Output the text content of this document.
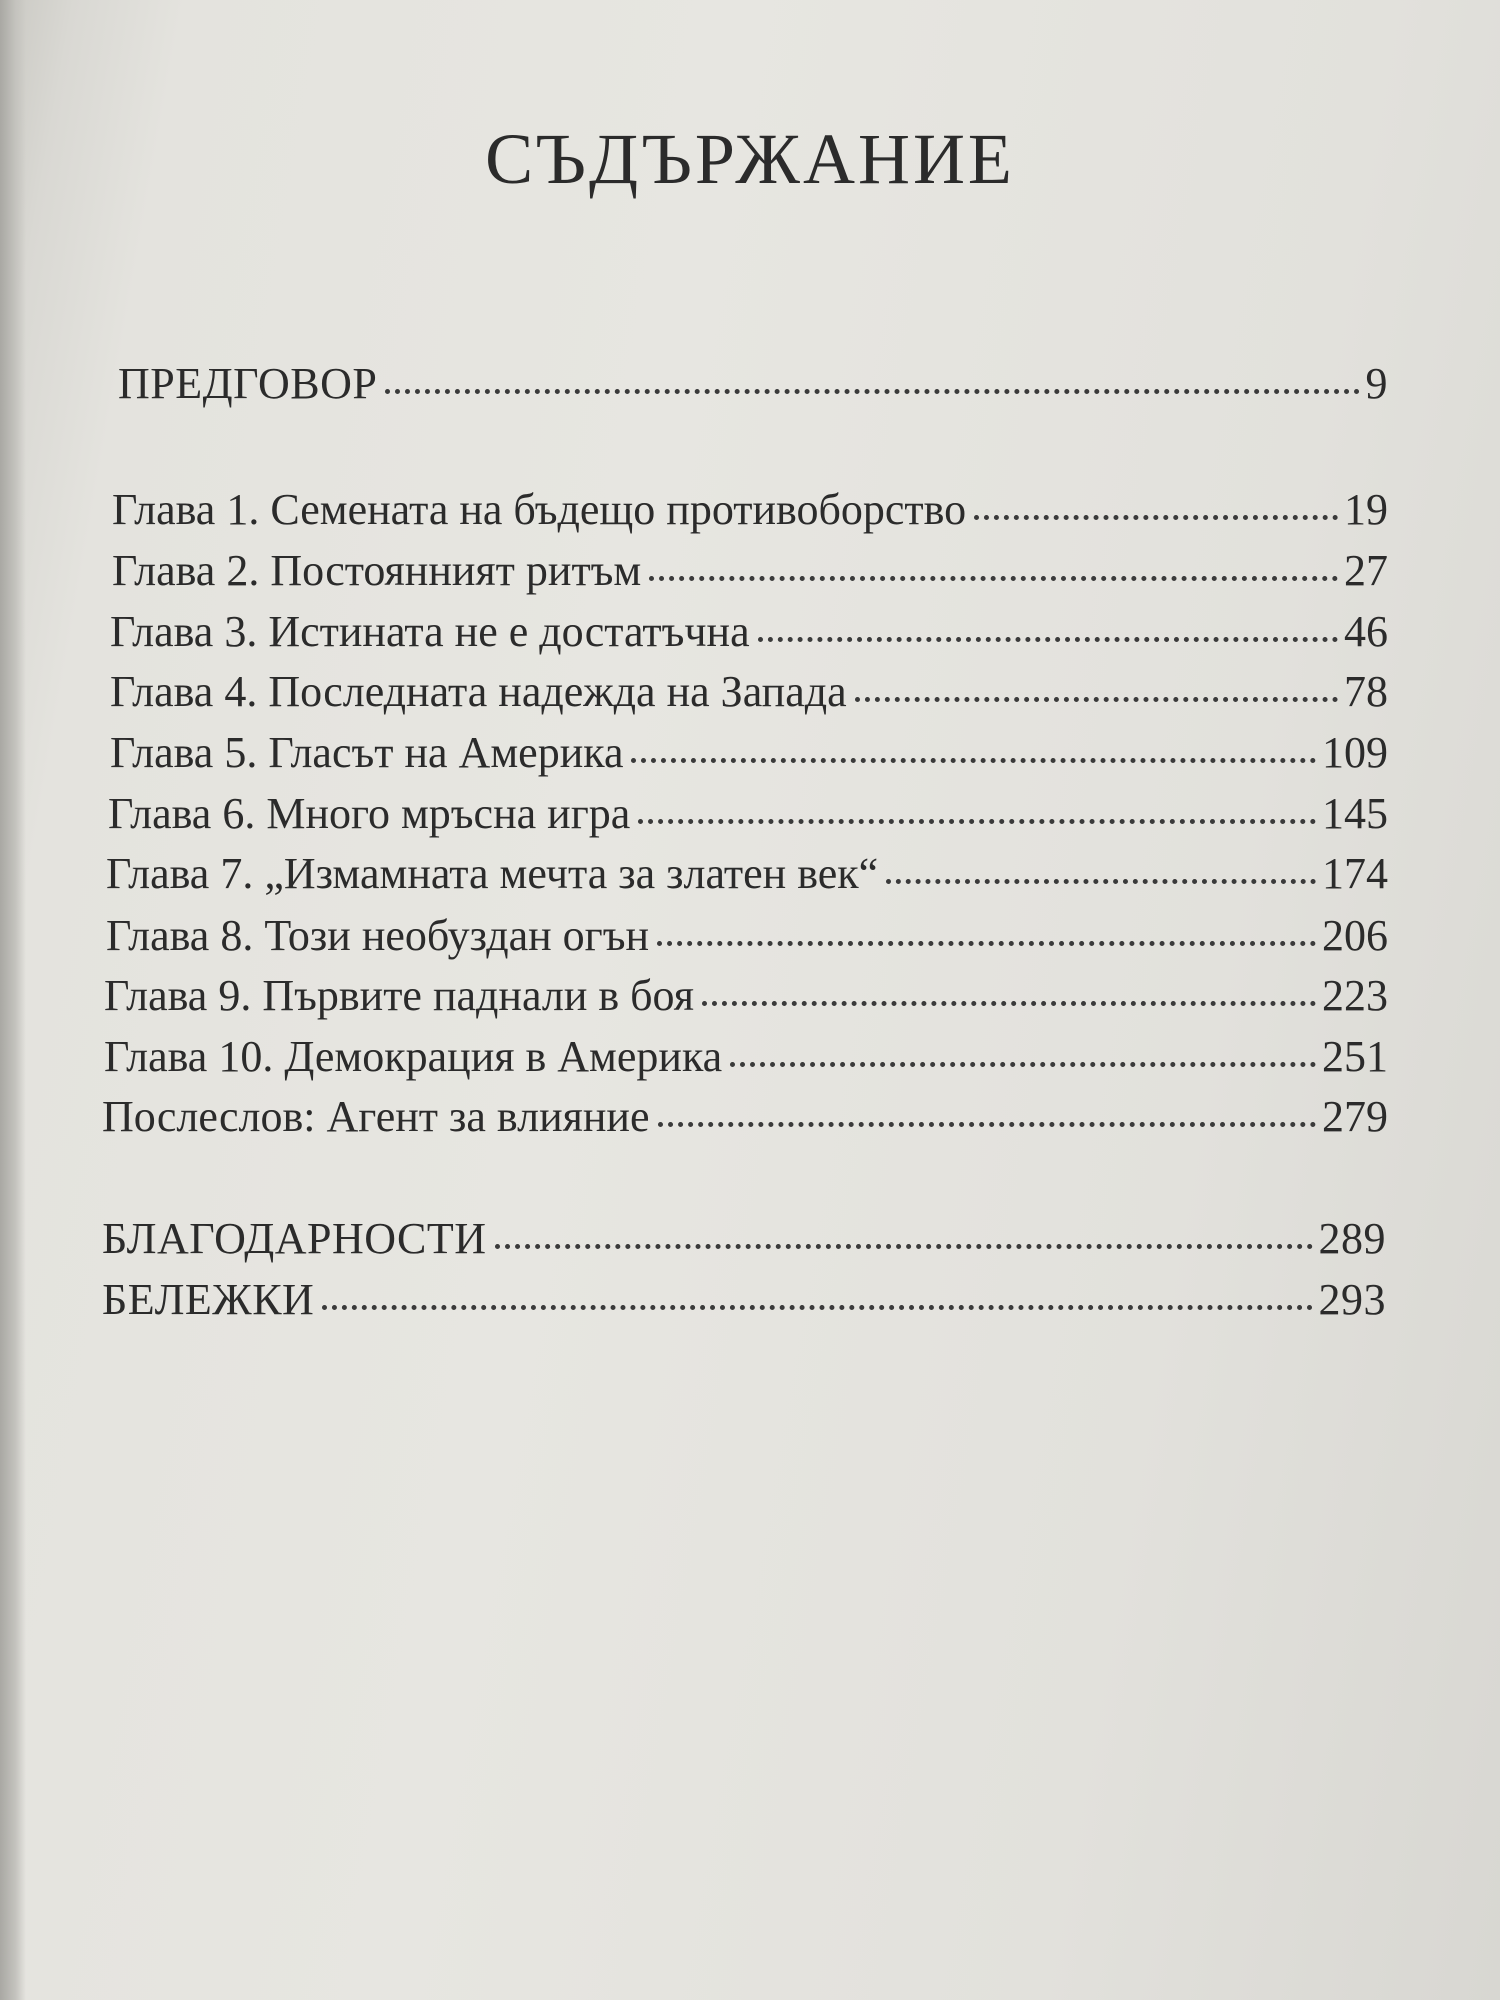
СЪДЪРЖАНИЕ
ПРЕДГОВОР	9
Глава 1. Семената на бъдещо противоборство	19
Глава 2. Постоянният ритъм	27
Глава 3. Истината не е достатъчна	46
Глава 4. Последната надежда на Запада	78
Глава 5. Гласът на Америка	109
Глава 6. Много мръсна игра	145
Глава 7. „Измамната мечта за златен век“	174
Глава 8. Този необуздан огън	206
Глава 9. Първите паднали в боя	223
Глава 10. Демокрация в Америка	251
Послеслов: Агент за влияние	279
БЛАГОДАРНОСТИ	289
БЕЛЕЖКИ	293
